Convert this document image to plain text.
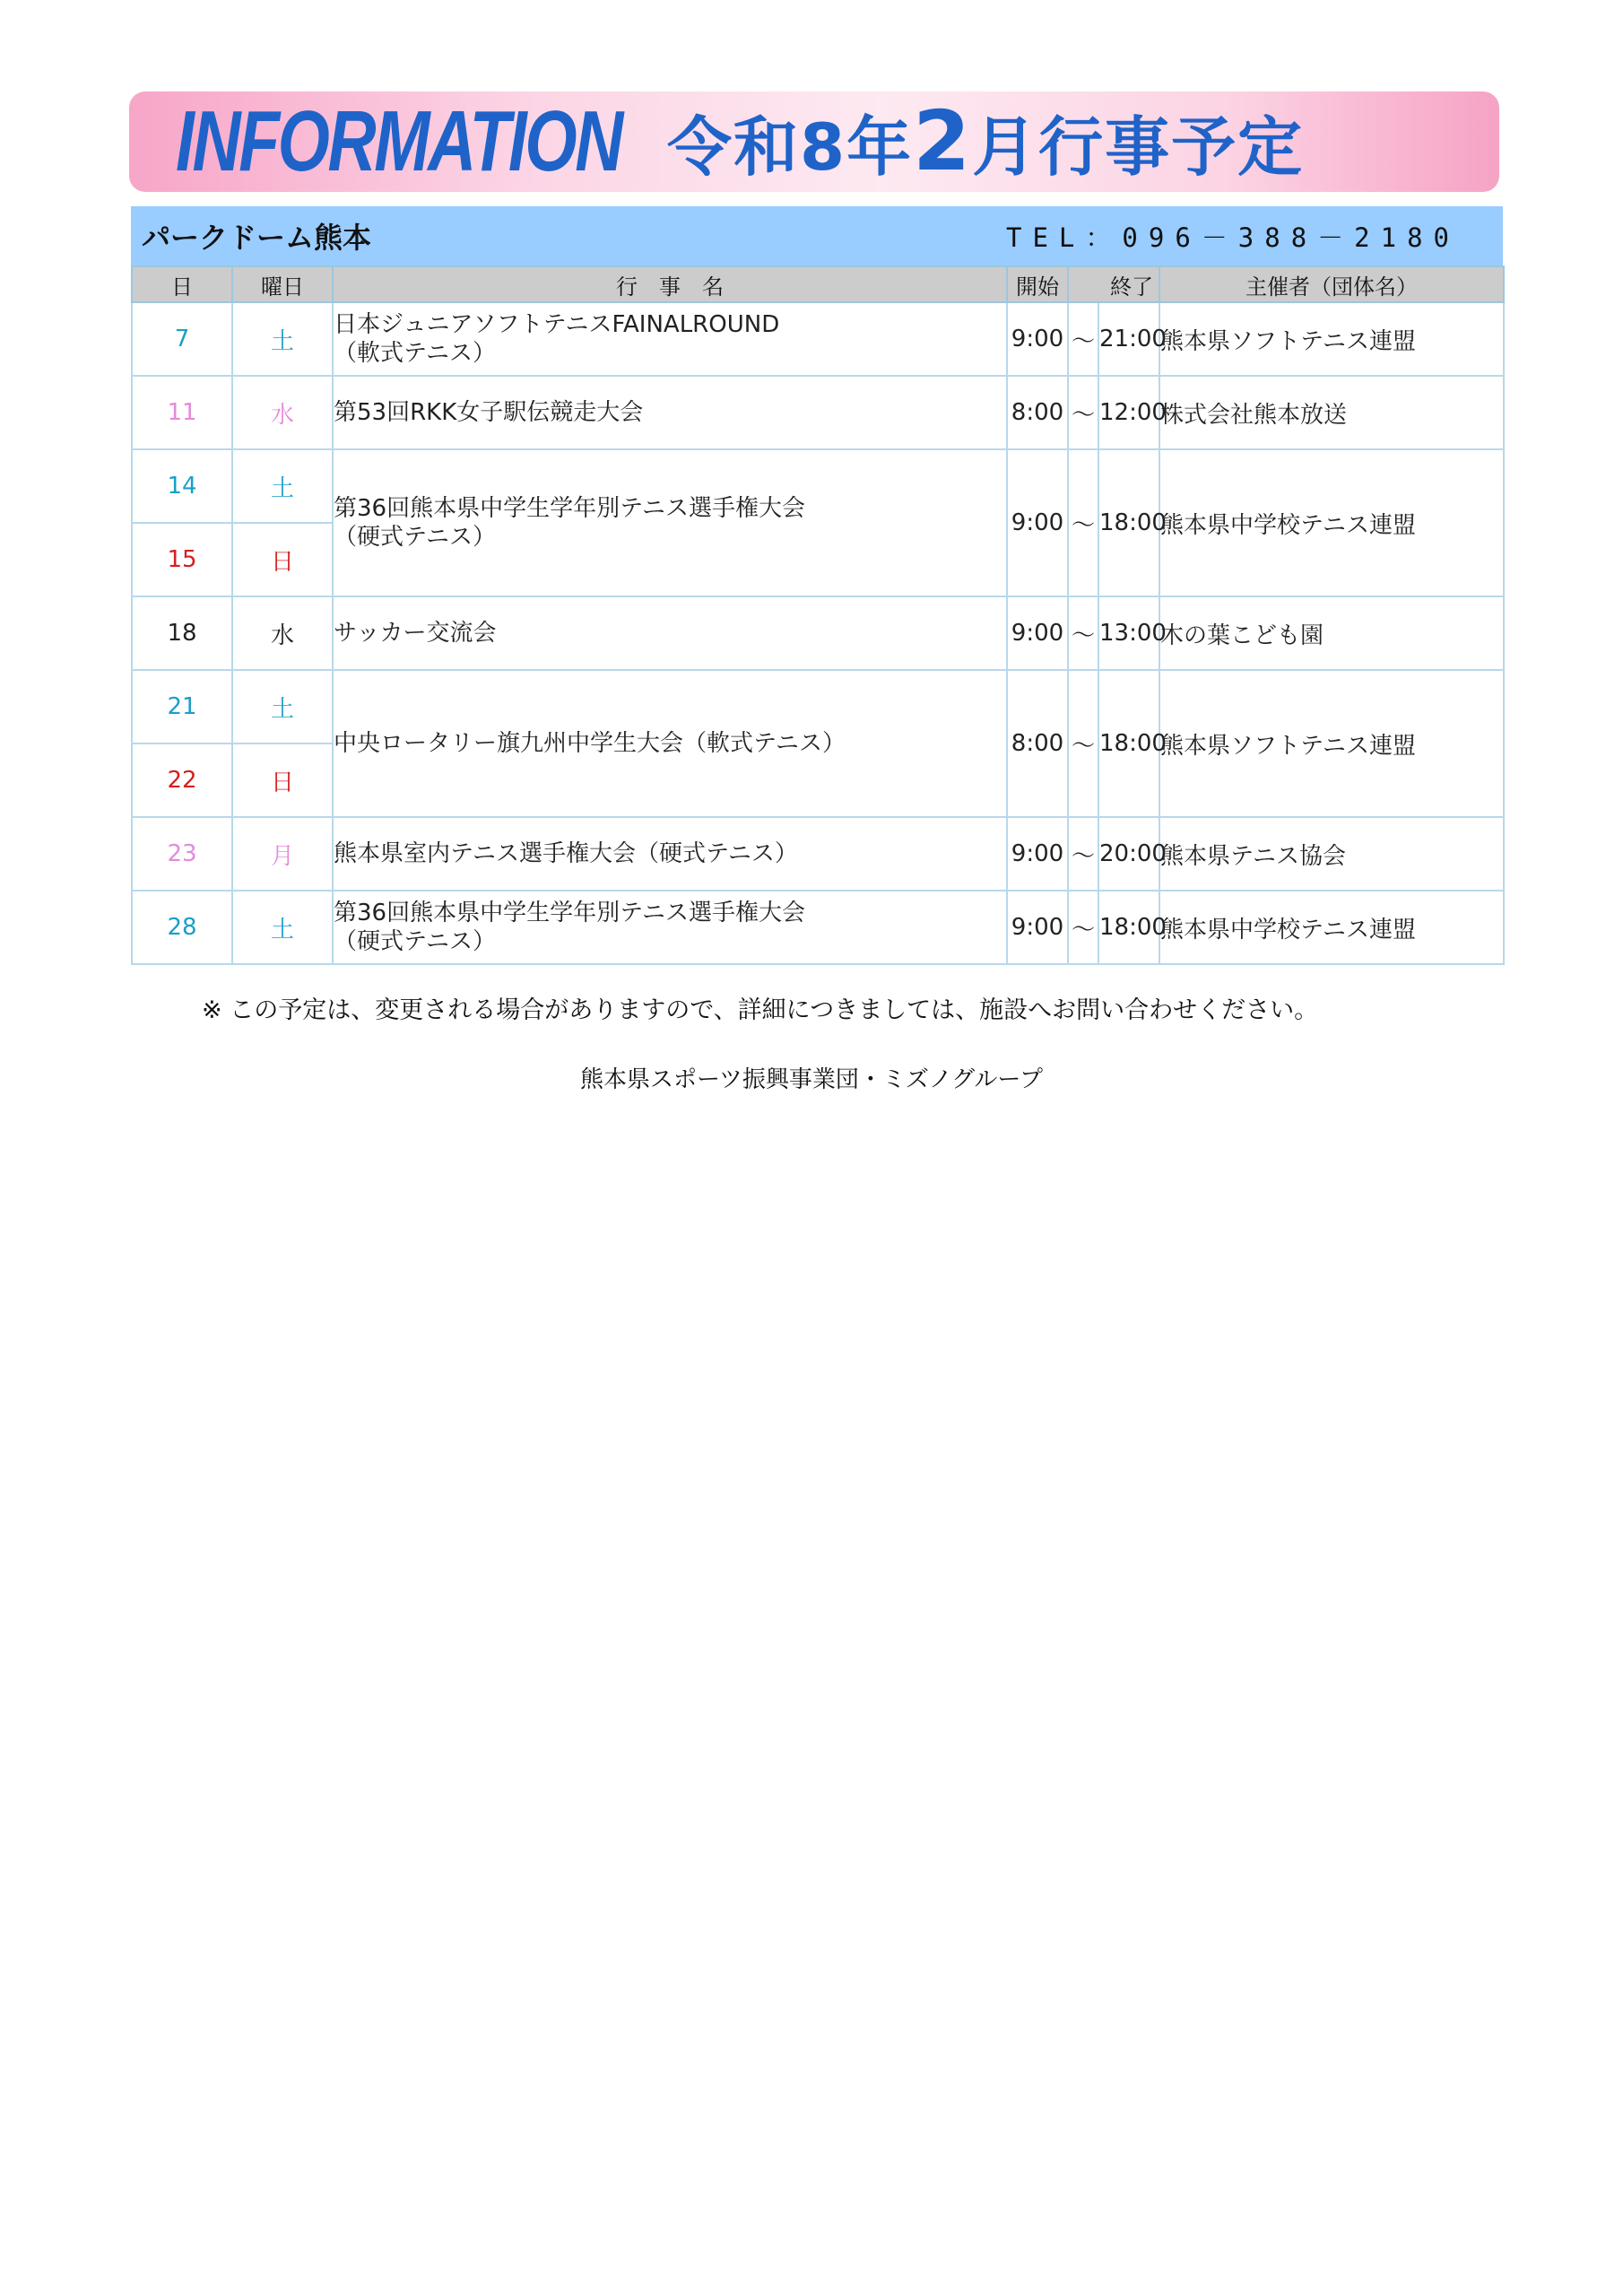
INFORMATION 令和8年2月行事予定
パークドーム熊本	TEL：096－388－2180
日	曜日	行　事　名	開始	終了		主催者（団体名）
7	土	日本ジュニアソフトテニスFAINALROUND
（軟式テニス）	9:00	～	21:00	熊本県ソフトテニス連盟
11	水	第53回RKK女子駅伝競走大会	8:00	～	12:00	株式会社熊本放送
14	土	第36回熊本県中学生学年別テニス選手権大会
（硬式テニス）	9:00	～	18:00	熊本県中学校テニス連盟
15	日					
18	水	サッカー交流会	9:00	～	13:00	木の葉こども園
21	土	中央ロータリー旗九州中学生大会（軟式テニス）	8:00	～	18:00	熊本県ソフトテニス連盟
22	日					
23	月	熊本県室内テニス選手権大会（硬式テニス）	9:00	～	20:00	熊本県テニス協会
28	土	第36回熊本県中学生学年別テニス選手権大会
（硬式テニス）	9:00	～	18:00	熊本県中学校テニス連盟
※ この予定は、変更される場合がありますので、詳細につきましては、施設へお問い合わせください。
熊本県スポーツ振興事業団・ミズノグループ
